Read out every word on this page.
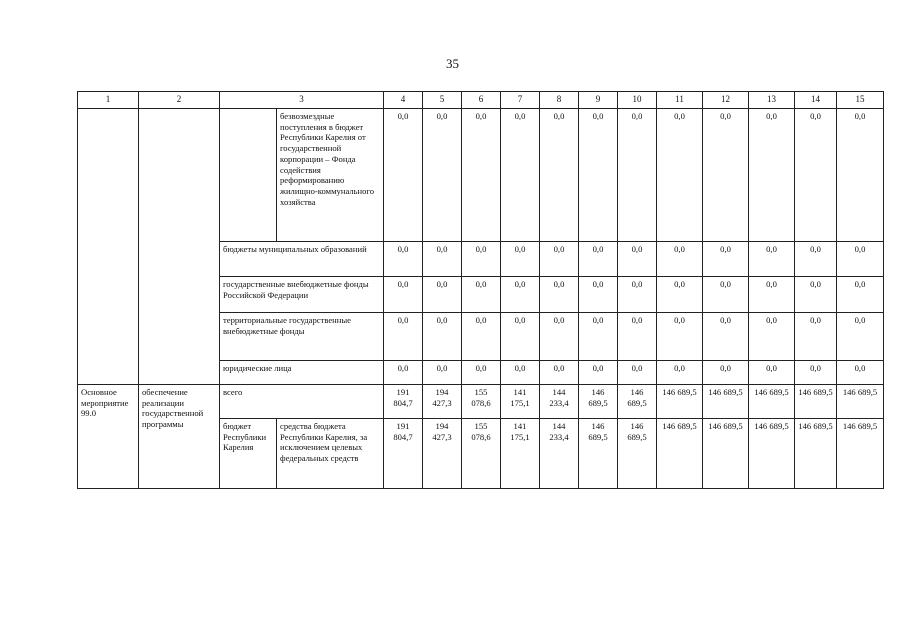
35
1	2	3		4	5	6	7	8	9	10	11	12	13	14	15
			безвозмездные поступления в бюджет Республики Карелия от государственной корпорации – Фонда содействия реформированию жилищно-коммунального хозяйства	0,0	0,0	0,0	0,0	0,0	0,0	0,0	0,0	0,0	0,0	0,0	0,0
		бюджеты муниципальных образований		0,0	0,0	0,0	0,0	0,0	0,0	0,0	0,0	0,0	0,0	0,0	0,0
		государственные внебюджетные фонды Российской Федерации		0,0	0,0	0,0	0,0	0,0	0,0	0,0	0,0	0,0	0,0	0,0	0,0
		территориальные государственные внебюджетные фонды		0,0	0,0	0,0	0,0	0,0	0,0	0,0	0,0	0,0	0,0	0,0	0,0
		юридические лица		0,0	0,0	0,0	0,0	0,0	0,0	0,0	0,0	0,0	0,0	0,0	0,0
Основное мероприятие 99.0	обеспечение реализации государственной программы	всего		191 804,7	194 427,3	155 078,6	141 175,1	144 233,4	146 689,5	146 689,5	146 689,5	146 689,5	146 689,5	146 689,5	146 689,5
		бюджет Республики Карелия	средства бюджета Республики Карелия, за исключением целевых федеральных средств	191 804,7	194 427,3	155 078,6	141 175,1	144 233,4	146 689,5	146 689,5	146 689,5	146 689,5	146 689,5	146 689,5	146 689,5
